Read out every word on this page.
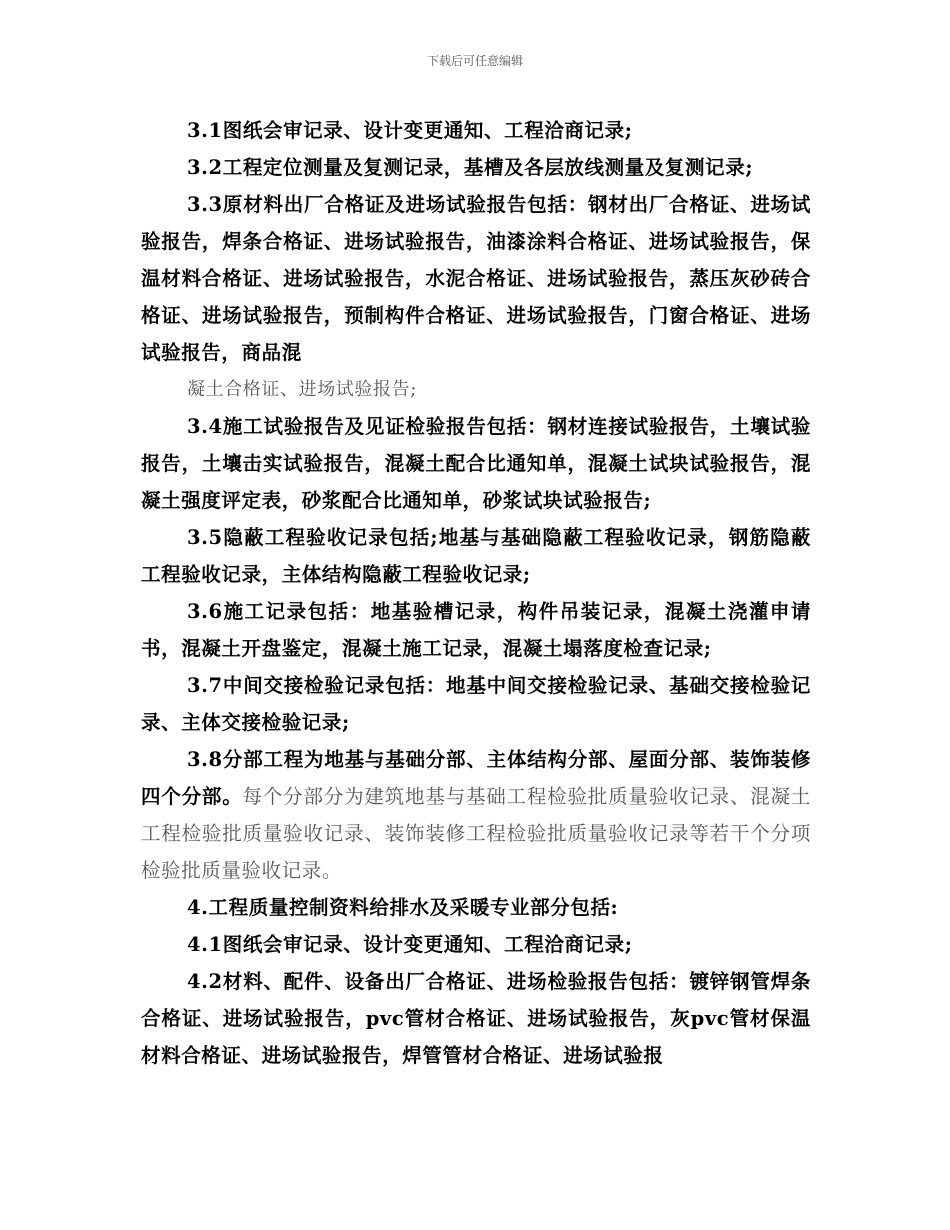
下载后可任意编辑

3.1图纸会审记录、设计变更通知、工程洽商记录;

3.2工程定位测量及复测记录，基槽及各层放线测量及复测记录;

3.3原材料出厂合格证及进场试验报告包括：钢材出厂合格证、进场试验报告，焊条合格证、进场试验报告，油漆涂料合格证、进场试验报告，保温材料合格证、进场试验报告，水泥合格证、进场试验报告，蒸压灰砂砖合格证、进场试验报告，预制构件合格证、进场试验报告，门窗合格证、进场试验报告，商品混

凝土合格证、进场试验报告;

3.4施工试验报告及见证检验报告包括：钢材连接试验报告，土壤试验报告，土壤击实试验报告，混凝土配合比通知单，混凝土试块试验报告，混凝土强度评定表，砂浆配合比通知单，砂浆试块试验报告;

3.5隐蔽工程验收记录包括;地基与基础隐蔽工程验收记录，钢筋隐蔽工程验收记录，主体结构隐蔽工程验收记录;

3.6施工记录包括：地基验槽记录，构件吊装记录，混凝土浇灌申请书，混凝土开盘鉴定，混凝土施工记录，混凝土塌落度检查记录;

3.7中间交接检验记录包括：地基中间交接检验记录、基础交接检验记录、主体交接检验记录;

3.8分部工程为地基与基础分部、主体结构分部、屋面分部、装饰装修四个分部。每个分部分为建筑地基与基础工程检验批质量验收记录、混凝土工程检验批质量验收记录、装饰装修工程检验批质量验收记录等若干个分项检验批质量验收记录。

4.工程质量控制资料给排水及采暖专业部分包括:

4.1图纸会审记录、设计变更通知、工程洽商记录;

4.2材料、配件、设备出厂合格证、进场检验报告包括：镀锌钢管焊条合格证、进场试验报告，pvc管材合格证、进场试验报告，灰pvc管材保温材料合格证、进场试验报告，焊管管材合格证、进场试验报
